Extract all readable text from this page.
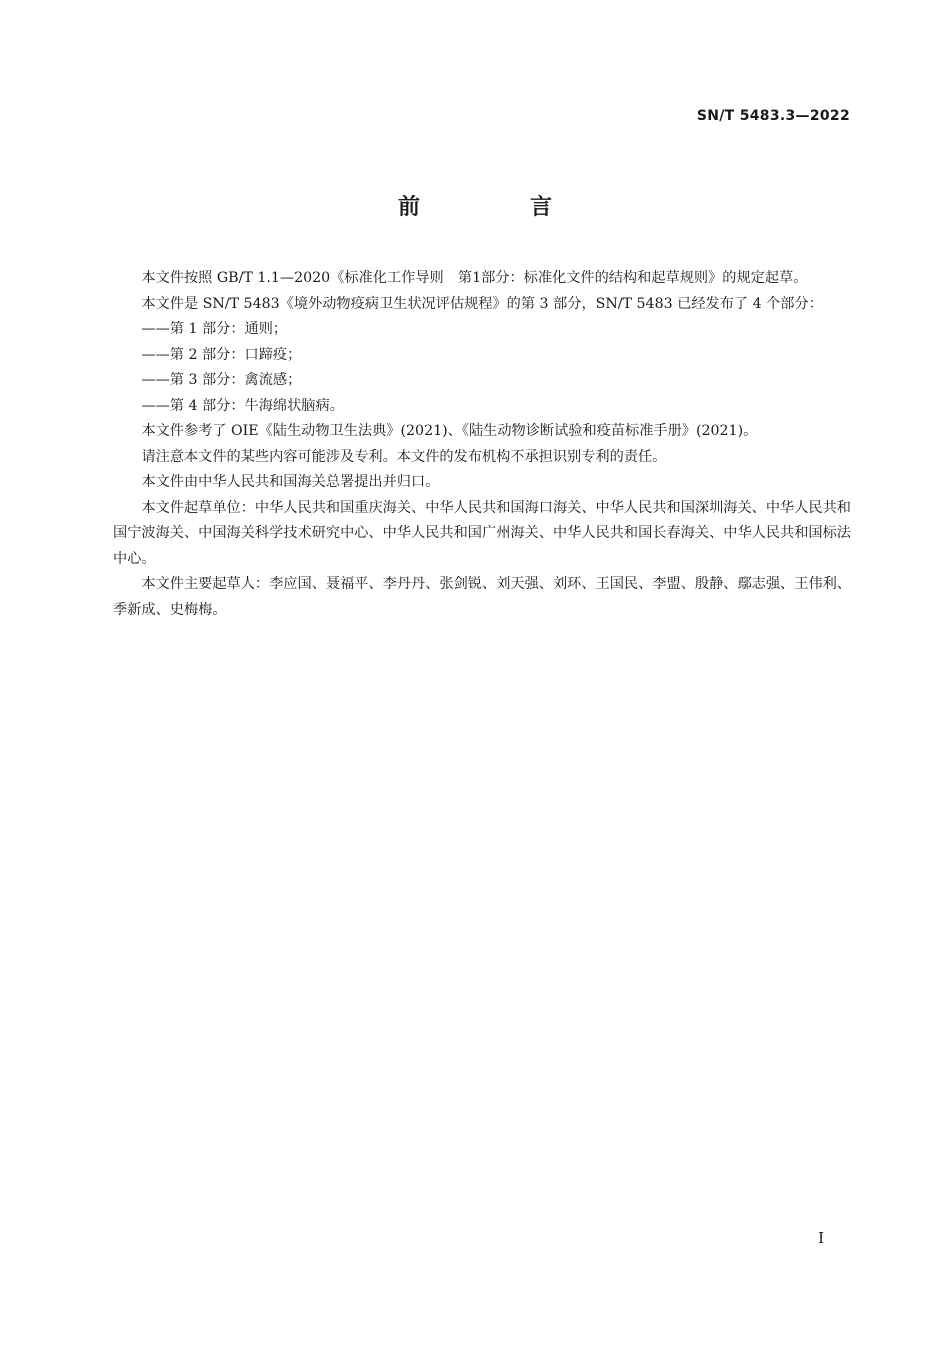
SN/T 5483.3—2022
前　言

本文件按照 GB/T 1.1—2020《标准化工作导则　第1部分：标准化文件的结构和起草规则》的规定起草。

本文件是 SN/T 5483《境外动物疫病卫生状况评估规程》的第 3 部分，SN/T 5483 已经发布了 4 个部分：

——第 1 部分：通则；

——第 2 部分：口蹄疫；

——第 3 部分：禽流感；

——第 4 部分：牛海绵状脑病。

本文件参考了 OIE《陆生动物卫生法典》(2021)、《陆生动物诊断试验和疫苗标准手册》(2021)。

请注意本文件的某些内容可能涉及专利。本文件的发布机构不承担识别专利的责任。

本文件由中华人民共和国海关总署提出并归口。

本文件起草单位：中华人民共和国重庆海关、中华人民共和国海口海关、中华人民共和国深圳海关、中华人民共和国宁波海关、中国海关科学技术研究中心、中华人民共和国广州海关、中华人民共和国长春海关、中华人民共和国标法中心。

本文件主要起草人：李应国、聂福平、李丹丹、张剑锐、刘天强、刘环、王国民、李盟、殷静、鄢志强、王伟利、季新成、史梅梅。

I
